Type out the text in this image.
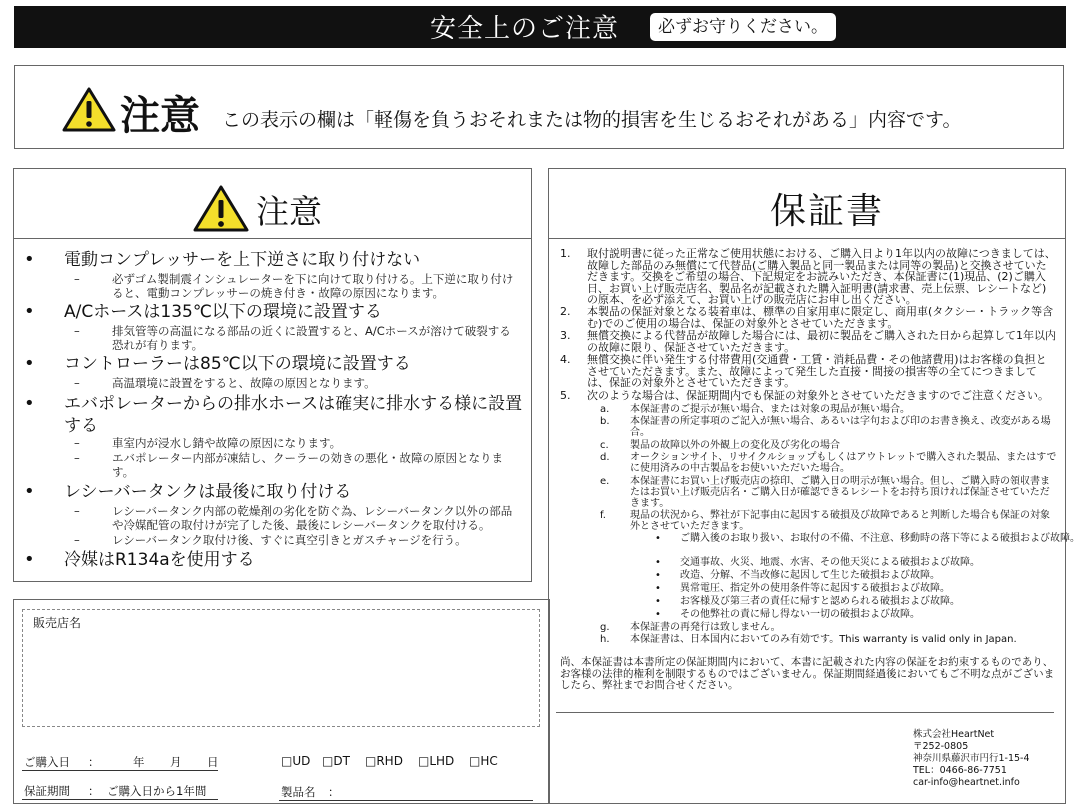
安全上のご注意	必ずお守りください。
注意 この表示の欄は「軽傷を負うおそれまたは物的損害を生じるおそれがある」内容です。
注意
• 電動コンプレッサーを上下逆さに取り付けない
–	必ずゴム製制震インシュレーターを下に向けて取り付ける。上下逆に取り付けると、電動コンプレッサーの焼き付き・故障の原因になります。
• A/Cホースは135℃以下の環境に設置する
–	排気管等の高温になる部品の近くに設置すると、A/Cホースが溶けて破裂する恐れが有ります。
• コントローラーは85℃以下の環境に設置する
–	高温環境に設置をすると、故障の原因となります。
• エバポレーターからの排水ホースは確実に排水する様に設置する
–	車室内が浸水し錆や故障の原因になります。
–	エバポレーター内部が凍結し、クーラーの効きの悪化・故障の原因となります。
• レシーバータンクは最後に取り付ける
–	レシーバータンク内部の乾燥剤の劣化を防ぐ為、レシーバータンク以外の部品や冷媒配管の取付けが完了した後、最後にレシーバータンクを取付ける。
–	レシーバータンク取付け後、すぐに真空引きとガスチャージを行う。
• 冷媒はR134aを使用する
販売店名
ご購入日 ：	年 月 日	□UD □DT □RHD □LHD □HC
保証期間 ： ご購入日から1年間	製品名 ：
保証書
1. 取付説明書に従った正常なご使用状態における、ご購入日より1年以内の故障につきましては、故障した部品のみ無償にて代替品(ご購入製品と同一製品または同等の製品)と交換させていただきます。交換をご希望の場合、下記規定をお読みいただき、本保証書に(1)現品、(2)ご購入日、お買い上げ販売店名、製品名が記載された購入証明書(請求書、売上伝票、レシートなど)の原本、を必ず添えて、お買い上げの販売店にお申し出ください。
2. 本製品の保証対象となる装着車は、標準の自家用車に限定し、商用車(タクシー・トラック等含む)でのご使用の場合は、保証の対象外とさせていただきます。
3. 無償交換による代替品が故障した場合には、最初に製品をご購入された日から起算して1年以内の故障に限り、保証させていただきます。
4. 無償交換に伴い発生する付帯費用(交通費・工賃・消耗品費・その他諸費用)はお客様の負担とさせていただきます。また、故障によって発生した直接・間接の損害等の全てにつきましては、保証の対象外とさせていただきます。
5. 次のような場合は、保証期間内でも保証の対象外とさせていただきますのでご注意ください。
a. 本保証書のご提示が無い場合、または対象の現品が無い場合。
b. 本保証書の所定事項のご記入が無い場合、あるいは字句および印のお書き換え、改変がある場合。
c. 製品の故障以外の外観上の変化及び劣化の場合
d. オークションサイト、リサイクルショップもしくはアウトレットで購入された製品、またはすでに使用済みの中古製品をお使いいただいた場合。
e. 本保証書にお買い上げ販売店の捺印、ご購入日の明示が無い場合。但し、ご購入時の領収書またはお買い上げ販売店名・ご購入日が確認できるレシートをお持ち頂ければ保証させていただきます。
f. 現品の状況から、弊社が下記事由に起因する破損及び故障であると判断した場合も保証の対象外とさせていただきます。
• ご購入後のお取り扱い、お取付の不備、不注意、移動時の落下等による破損および故障。
• 交通事故、火災、地震、水害、その他天災による破損および故障。
• 改造、分解、不当改修に起因して生じた破損および故障。
• 異常電圧、指定外の使用条件等に起因する破損および故障。
• お客様及び第三者の責任に帰すと認められる破損および故障。
• その他弊社の責に帰し得ない一切の破損および故障。
g. 本保証書の再発行は致しません。
h. 本保証書は、日本国内においてのみ有効です。This warranty is valid only in Japan.
尚、本保証書は本書所定の保証期間内において、本書に記載された内容の保証をお約束するものであり、お客様の法律的権利を制限するものではございません。保証期間経過後においてもご不明な点がございましたら、弊社までお問合せください。
株式会社HeartNet
〒252-0805
神奈川県藤沢市円行1-15-4
TEL：0466-86-7751
car-info@heartnet.info
